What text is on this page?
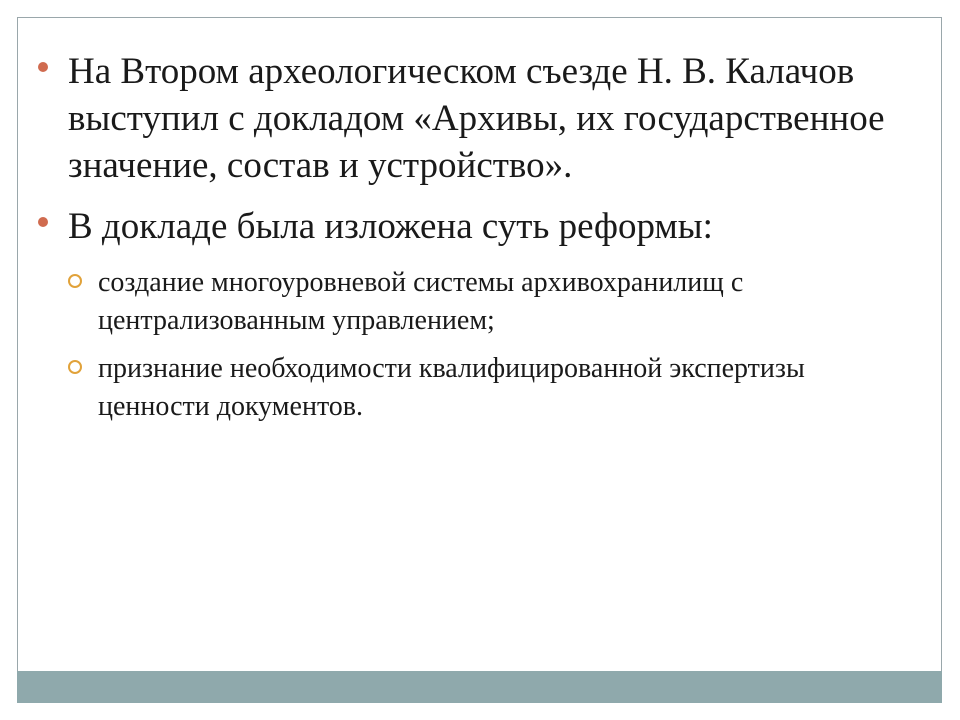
На Втором археологическом съезде Н. В. Калачов выступил с докладом «Архивы, их государственное значение, состав и устройство».
В докладе была изложена суть реформы:
создание многоуровневой системы архивохранилищ с централизованным управлением;
признание необходимости квалифицированной экспертизы ценности документов.
